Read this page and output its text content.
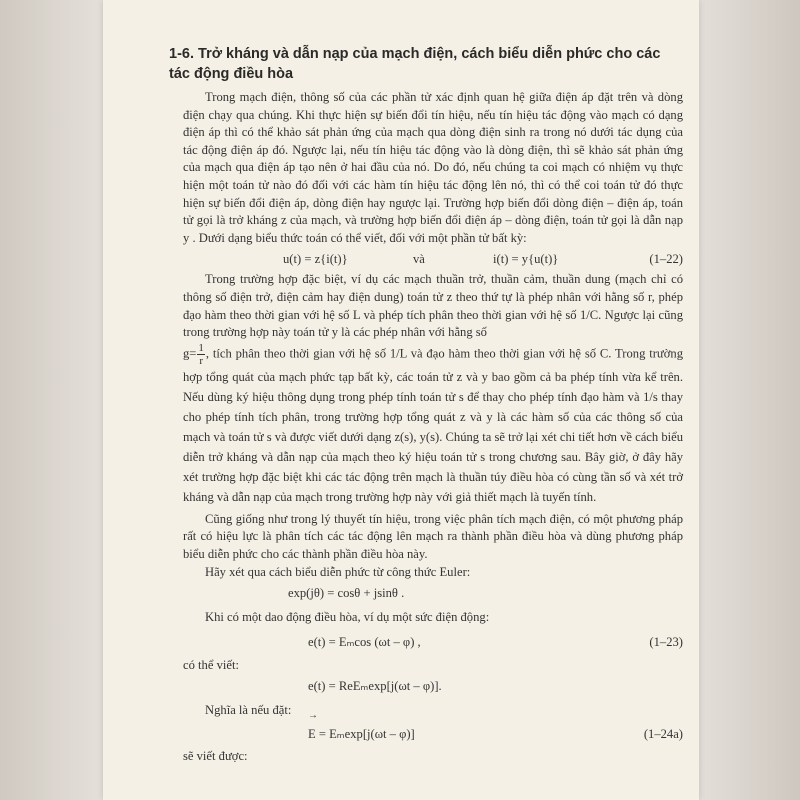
1-6. Trở kháng và dẫn nạp của mạch điện, cách biểu diễn phức cho các tác động điều hòa

Trong mạch điện, thông số của các phần tử xác định quan hệ giữa điện áp đặt trên và dòng điện chạy qua chúng. Khi thực hiện sự biến đổi tín hiệu, nếu tín hiệu tác động vào mạch có dạng điện áp thì có thể khảo sát phản ứng của mạch qua dòng điện sinh ra trong nó dưới tác dụng của tác động điện áp đó. Ngược lại, nếu tín hiệu tác động vào là dòng điện, thì sẽ khảo sát phản ứng của mạch qua điện áp tạo nên ở hai đầu của nó. Do đó, nếu chúng ta coi mạch có nhiệm vụ thực hiện một toán tử nào đó đối với các hàm tín hiệu tác động lên nó, thì có thể coi toán tử đó thực hiện sự biến đổi điện áp, dòng điện hay ngược lại. Trường hợp biến đổi dòng điện – điện áp, toán tử gọi là trở kháng z của mạch, và trường hợp biến đổi điện áp – dòng điện, toán tử gọi là dẫn nạp y . Dưới dạng biểu thức toán có thể viết, đối với một phần tử bất kỳ:

u(t) = z{i(t)}	và	i(t) = y{u(t)}	(1–22)

Trong trường hợp đặc biệt, ví dụ các mạch thuần trở, thuần cảm, thuần dung (mạch chỉ có thông số điện trở, điện cảm hay điện dung) toán tử z theo thứ tự là phép nhân với hằng số r, phép đạo hàm theo thời gian với hệ số L và phép tích phân theo thời gian với hệ số 1/C. Ngược lại cũng trong trường hợp này toán tử y là các phép nhân với hằng số

$g= \frac{1}{r}$ , tích phân theo thời gian với hệ số 1/L và đạo hàm theo thời gian với hệ số C. Trong trường hợp tổng quát của mạch phức tạp bất kỳ, các toán tử z và y bao gồm cả ba phép tính vừa kể trên. Nếu dùng ký hiệu thông dụng trong phép tính toán tử s để thay cho phép tính đạo hàm và 1/s thay cho phép tính tích phân, trong trường hợp tổng quát z và y là các hàm số của các thông số của mạch và toán tử s và được viết dưới dạng z(s), y(s). Chúng ta sẽ trở lại xét chi tiết hơn về cách biểu diễn trở kháng và dẫn nạp của mạch theo ký hiệu toán tử s trong chương sau. Bây giờ, ở đây hãy xét trường hợp đặc biệt khi các tác động trên mạch là thuần túy điều hòa có cùng tần số và xét trở kháng và dẫn nạp của mạch trong trường hợp này với giả thiết mạch là tuyến tính.

Cũng giống như trong lý thuyết tín hiệu, trong việc phân tích mạch điện, có một phương pháp rất có hiệu lực là phân tích các tác động lên mạch ra thành phần điều hòa và dùng phương pháp biểu diễn phức cho các thành phần điều hòa này.

Hãy xét qua cách biểu diễn phức từ công thức Euler:

exp(jθ) = cosθ + jsinθ .

Khi có một dao động điều hòa, ví dụ một sức điện động:

e(t) = Eₘcos (ωt – φ) ,	(1–23)

có thể viết:

e(t) = ReEₘexp[j(ωt – φ)].

Nghĩa là nếu đặt:	→
E = Eₘexp[j(ωt – φ)]	(1–24a)

sẽ viết được:
